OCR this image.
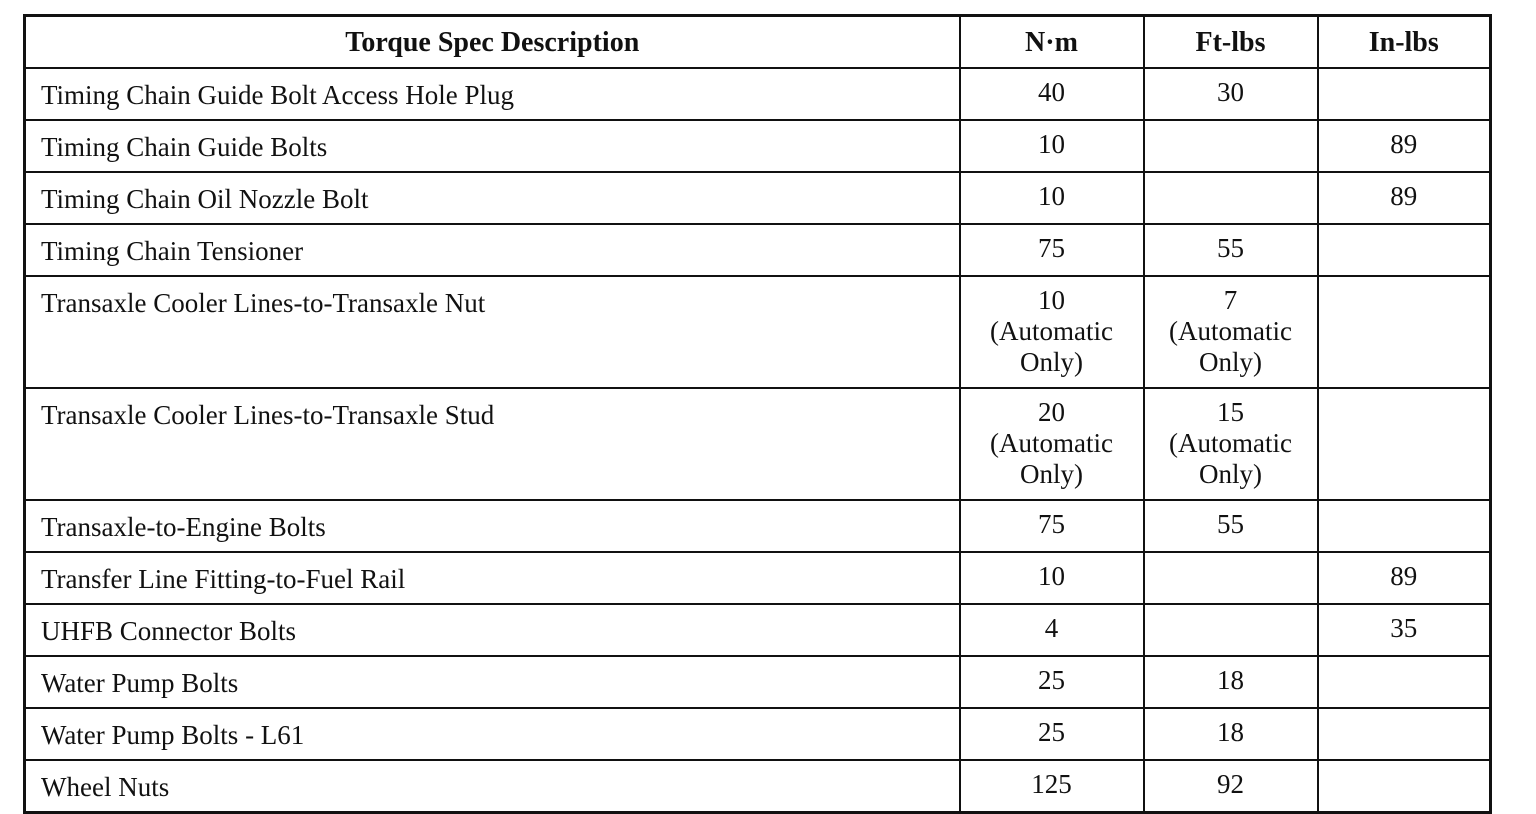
Torque Spec Description	N·m	Ft-lbs	In-lbs
Timing Chain Guide Bolt Access Hole Plug	40	30	
Timing Chain Guide Bolts	10		89
Timing Chain Oil Nozzle Bolt	10		89
Timing Chain Tensioner	75	55	
Transaxle Cooler Lines-to-Transaxle Nut	10
(Automatic
Only)	7
(Automatic
Only)	
Transaxle Cooler Lines-to-Transaxle Stud	20
(Automatic
Only)	15
(Automatic
Only)	
Transaxle-to-Engine Bolts	75	55	
Transfer Line Fitting-to-Fuel Rail	10		89
UHFB Connector Bolts	4		35
Water Pump Bolts	25	18	
Water Pump Bolts - L61	25	18	
Wheel Nuts	125	92	
